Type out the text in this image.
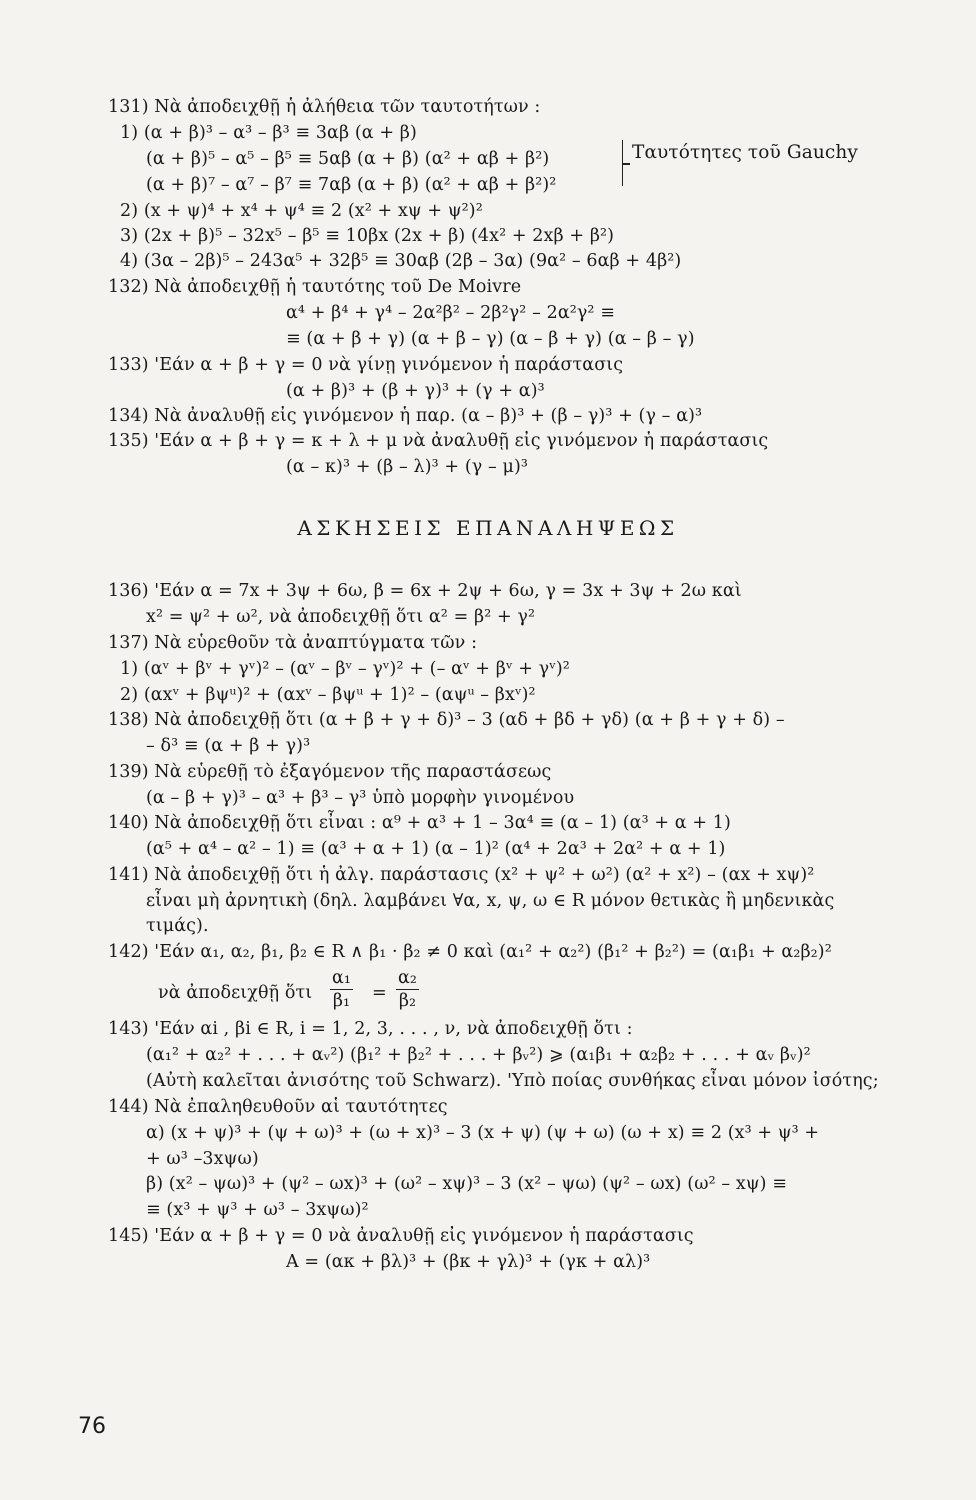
131) Νὰ ἀποδειχθῇ ἡ ἀλήθεια τῶν ταυτοτήτων :
1) (α + β)³ – α³ – β³ ≡ 3αβ (α + β)
(α + β)⁵ – α⁵ – β⁵ ≡ 5αβ (α + β) (α² + αβ + β²)	Ταυτότητες τοῦ Gauchy
(α + β)⁷ – α⁷ – β⁷ ≡ 7αβ (α + β) (α² + αβ + β²)²
2) (x + ψ)⁴ + x⁴ + ψ⁴ ≡ 2 (x² + xψ + ψ²)²
3) (2x + β)⁵ – 32x⁵ – β⁵ ≡ 10βx (2x + β) (4x² + 2xβ + β²)
4) (3α – 2β)⁵ – 243α⁵ + 32β⁵ ≡ 30αβ (2β – 3α) (9α² – 6αβ + 4β²)
132) Νὰ ἀποδειχθῇ ἡ ταυτότης τοῦ De Moivre
α⁴ + β⁴ + γ⁴ – 2α²β² – 2β²γ² – 2α²γ² ≡
≡ (α + β + γ) (α + β – γ) (α – β + γ) (α – β – γ)
133) 'Εάν α + β + γ = 0 νὰ γίνῃ γινόμενον ἡ παράστασις
(α + β)³ + (β + γ)³ + (γ + α)³
134) Νὰ ἀναλυθῇ εἰς γινόμενον ἡ παρ. (α – β)³ + (β – γ)³ + (γ – α)³
135) 'Εάν α + β + γ = κ + λ + μ νὰ ἀναλυθῇ εἰς γινόμενον ἡ παράστασις
(α – κ)³ + (β – λ)³ + (γ – μ)³
ΑΣΚΗΣΕΙΣ ΕΠΑΝΑΛΗΨΕΩΣ
136) 'Εάν α = 7x + 3ψ + 6ω, β = 6x + 2ψ + 6ω, γ = 3x + 3ψ + 2ω καὶ
x² = ψ² + ω², νὰ ἀποδειχθῇ ὅτι α² = β² + γ²
137) Νὰ εὑρεθοῦν τὰ ἀναπτύγματα τῶν :
1) (αᵛ + βᵛ + γᵛ)² – (αᵛ – βᵛ – γᵛ)² + (– αᵛ + βᵛ + γᵛ)²
2) (αxᵛ + βψᵘ)² + (αxᵛ – βψᵘ + 1)² – (αψᵘ – βxᵛ)²
138) Νὰ ἀποδειχθῇ ὅτι (α + β + γ + δ)³ – 3 (αδ + βδ + γδ) (α + β + γ + δ) –
– δ³ ≡ (α + β + γ)³
139) Νὰ εὑρεθῇ τὸ ἐξαγόμενον τῆς παραστάσεως
(α – β + γ)³ – α³ + β³ – γ³ ὑπὸ μορφὴν γινομένου
140) Νὰ ἀποδειχθῇ ὅτι εἶναι : α⁹ + α³ + 1 – 3α⁴ ≡ (α – 1) (α³ + α + 1)
(α⁵ + α⁴ – α² – 1) ≡ (α³ + α + 1) (α – 1)² (α⁴ + 2α³ + 2α² + α + 1)
141) Νὰ ἀποδειχθῇ ὅτι ἡ ἀλγ. παράστασις (x² + ψ² + ω²) (α² + x²) – (αx + xψ)²
εἶναι μὴ ἀρνητικὴ (δηλ. λαμβάνει ∀α, x, ψ, ω ∈ R μόνον θετικὰς ἢ μηδενικὰς
τιμάς).
142) 'Εάν α₁, α₂, β₁, β₂ ∈ R ∧ β₁ · β₂ ≠ 0 καὶ (α₁² + α₂²) (β₁² + β₂²) = (α₁β₁ + α₂β₂)²
νὰ ἀποδειχθῇ ὅτι
α₁
β₁ =
α₂
β₂
143) 'Εάν αi , βi ∈ R, i = 1, 2, 3, . . . , ν, νὰ ἀποδειχθῇ ὅτι :
(α₁² + α₂² + . . . + αᵥ²) (β₁² + β₂² + . . . + βᵥ²) ⩾ (α₁β₁ + α₂β₂ + . . . + αᵥ βᵥ)²
(Αὐτὴ καλεῖται ἀνισότης τοῦ Schwarz). 'Υπὸ ποίας συνθήκας εἶναι μόνον ἰσότης;
144) Νὰ ἐπαληθευθοῦν αἱ ταυτότητες
α) (x + ψ)³ + (ψ + ω)³ + (ω + x)³ – 3 (x + ψ) (ψ + ω) (ω + x) ≡ 2 (x³ + ψ³ +
+ ω³ –3xψω)
β) (x² – ψω)³ + (ψ² – ωx)³ + (ω² – xψ)³ – 3 (x² – ψω) (ψ² – ωx) (ω² – xψ) ≡
≡ (x³ + ψ³ + ω³ – 3xψω)²
145) 'Εάν α + β + γ = 0 νὰ ἀναλυθῇ εἰς γινόμενον ἡ παράστασις
A = (ακ + βλ)³ + (βκ + γλ)³ + (γκ + αλ)³
76
